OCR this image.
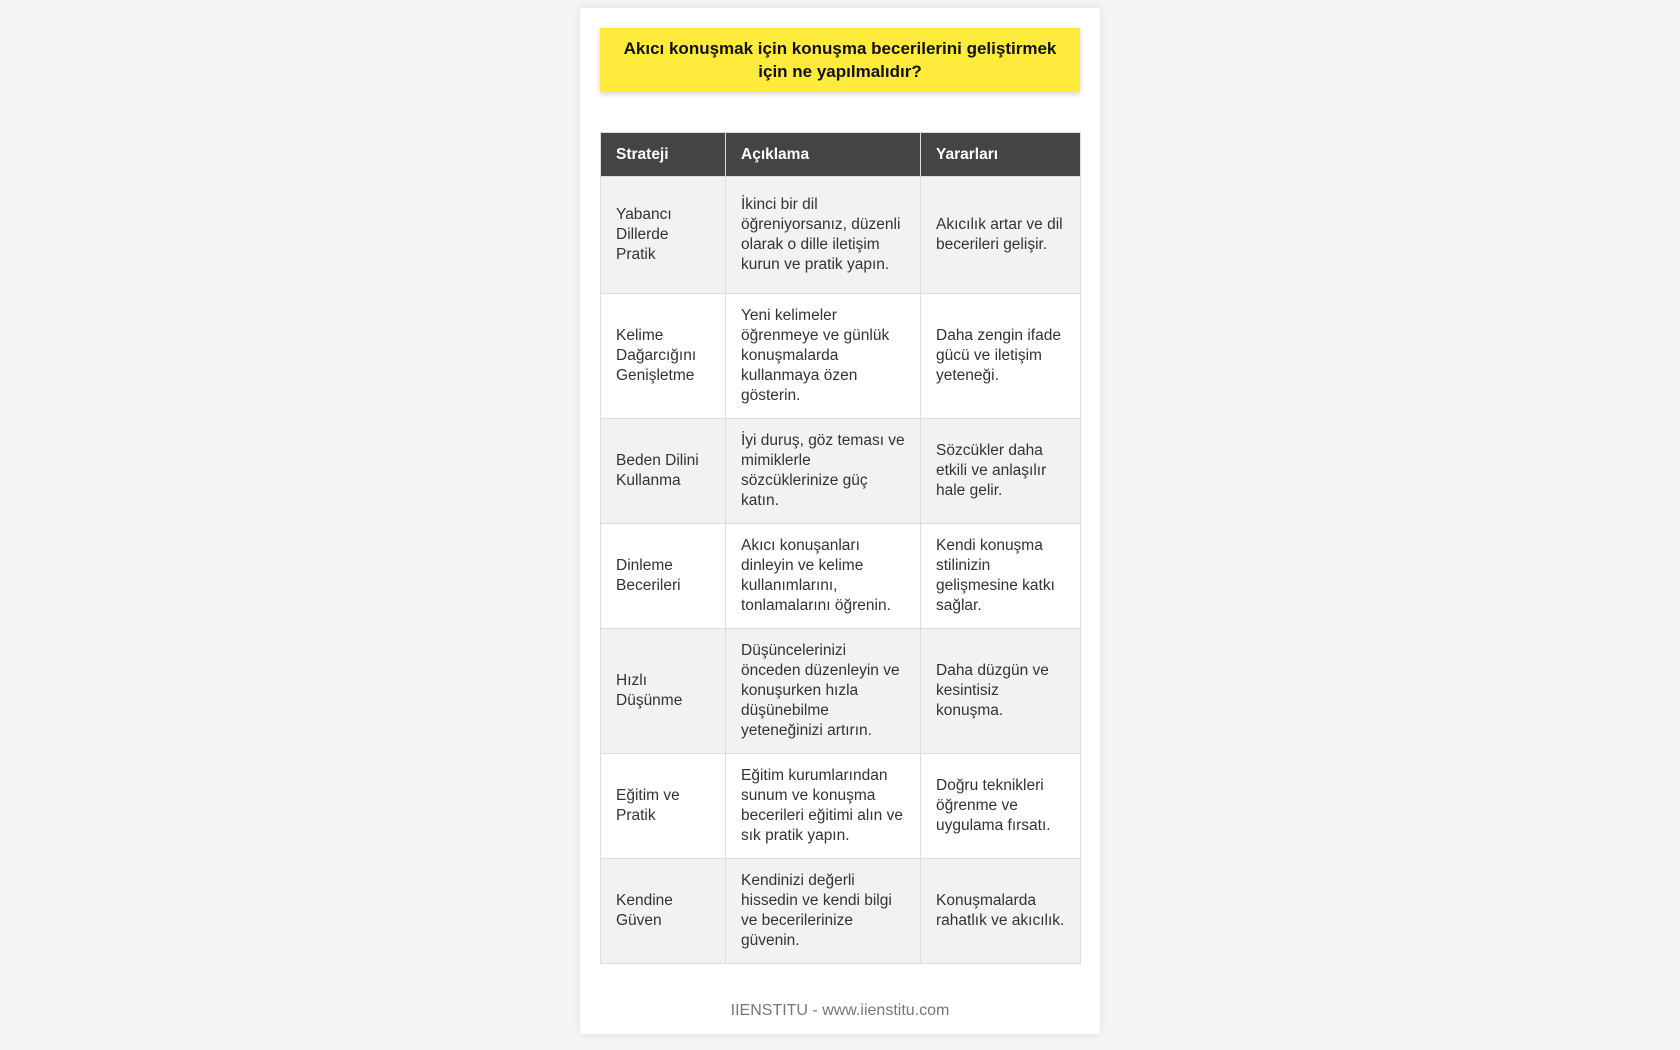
Akıcı konuşmak için konuşma becerilerini geliştirmek için ne yapılmalıdır?
Strateji	Açıklama	Yararları
Yabancı Dillerde Pratik	İkinci bir dil öğreniyorsanız, düzenli olarak o dille iletişim kurun ve pratik yapın.	Akıcılık artar ve dil becerileri gelişir.
Kelime Dağarcığını Genişletme	Yeni kelimeler öğrenmeye ve günlük konuşmalarda kullanmaya özen gösterin.	Daha zengin ifade gücü ve iletişim yeteneği.
Beden Dilini Kullanma	İyi duruş, göz teması ve mimiklerle sözcüklerinize güç katın.	Sözcükler daha etkili ve anlaşılır hale gelir.
Dinleme Becerileri	Akıcı konuşanları dinleyin ve kelime kullanımlarını, tonlamalarını öğrenin.	Kendi konuşma stilinizin gelişmesine katkı sağlar.
Hızlı Düşünme	Düşüncelerinizi önceden düzenleyin ve konuşurken hızla düşünebilme yeteneğinizi artırın.	Daha düzgün ve kesintisiz konuşma.
Eğitim ve Pratik	Eğitim kurumlarından sunum ve konuşma becerileri eğitimi alın ve sık pratik yapın.	Doğru teknikleri öğrenme ve uygulama fırsatı.
Kendine Güven	Kendinizi değerli hissedin ve kendi bilgi ve becerilerinize güvenin.	Konuşmalarda rahatlık ve akıcılık.
IIENSTITU - www.iienstitu.com
